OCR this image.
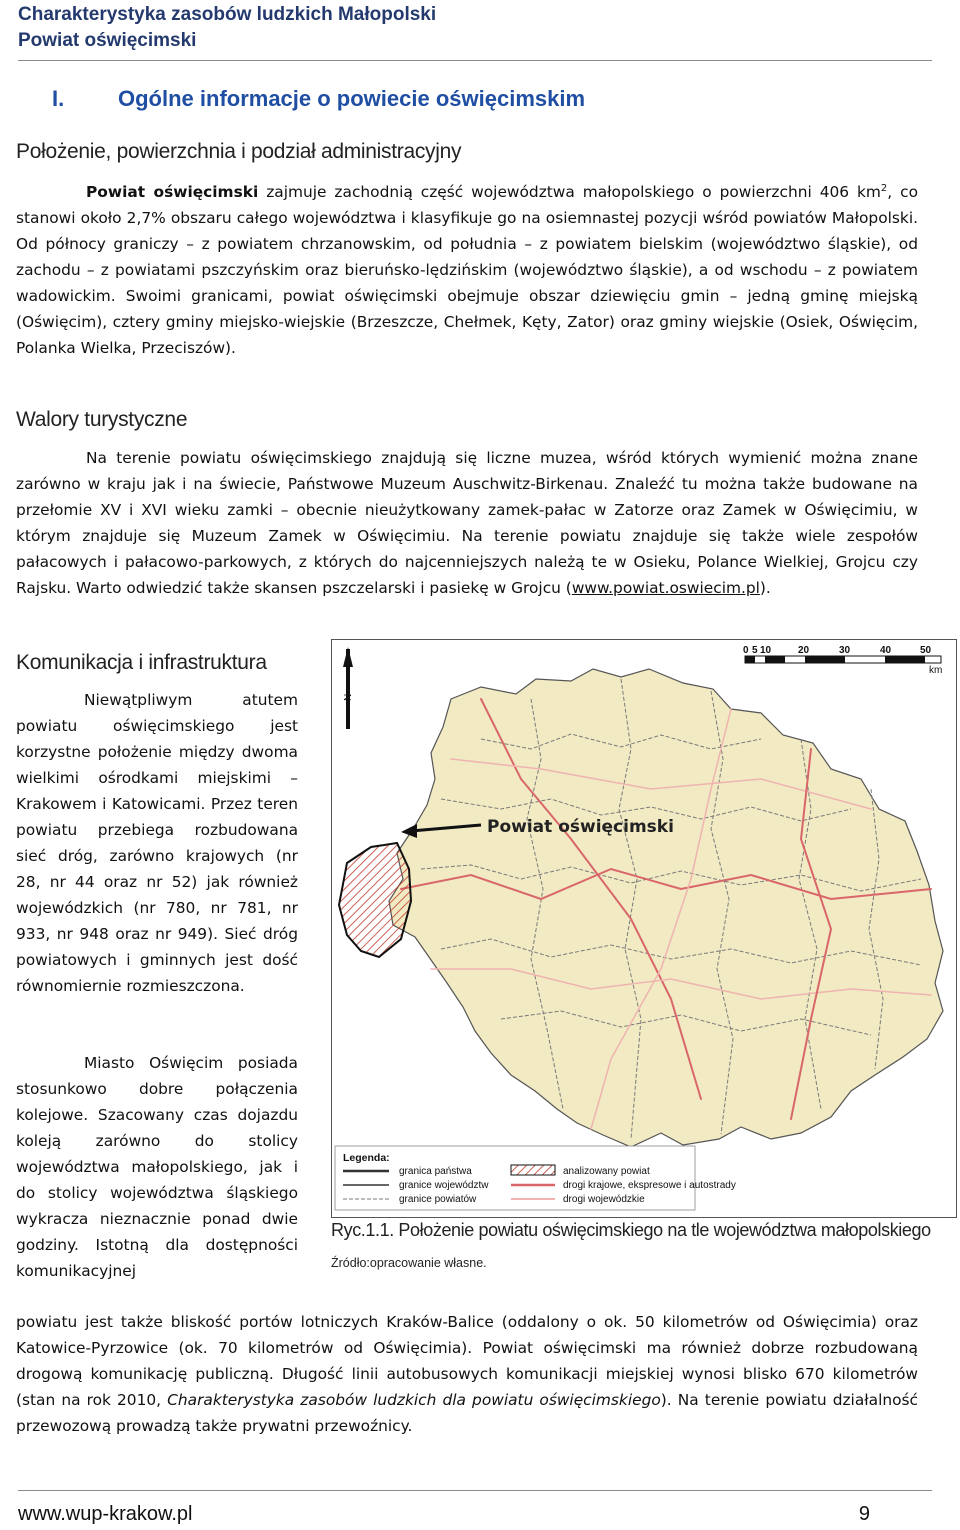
Charakterystyka zasobów ludzkich Małopolski
Powiat oświęcimski
I. Ogólne informacje o powiecie oświęcimskim
Położenie, powierzchnia i podział administracyjny

Powiat oświęcimski zajmuje zachodnią część województwa małopolskiego o powierzchni 406 $km^2$, co stanowi około 2,7% obszaru całego województwa i klasyfikuje go na osiemnastej pozycji wśród powiatów Małopolski. Od północy graniczy – z powiatem chrzanowskim, od południa – z powiatem bielskim (województwo śląskie), od zachodu – z powiatami pszczyńskim oraz bieruńsko-lędzińskim (województwo śląskie), a od wschodu – z powiatem wadowickim. Swoimi granicami, powiat oświęcimski obejmuje obszar dziewięciu gmin – jedną gminę miejską (Oświęcim), cztery gminy miejsko-wiejskie (Brzeszcze, Chełmek, Kęty, Zator) oraz gminy wiejskie (Osiek, Oświęcim, Polanka Wielka, Przeciszów).

Walory turystyczne

Na terenie powiatu oświęcimskiego znajdują się liczne muzea, wśród których wymienić można znane zarówno w kraju jak i na świecie, Państwowe Muzeum Auschwitz-Birkenau. Znaleźć tu można także budowane na przełomie XV i XVI wieku zamki – obecnie nieużytkowany zamek-pałac w Zatorze oraz Zamek w Oświęcimiu, w którym znajduje się Muzeum Zamek w Oświęcimiu. Na terenie powiatu znajduje się także wiele zespołów pałacowych i pałacowo-parkowych, z których do najcenniejszych należą te w Osieku, Polance Wielkiej, Grojcu czy Rajsku. Warto odwiedzić także skansen pszczelarski i pasiekę w Grojcu (www.powiat.oswiecim.pl).

Komunikacja i infrastruktura

Niewątpliwym atutem powiatu oświęcimskiego jest korzystne położenie między dwoma wielkimi ośrodkami miejskimi – Krakowem i Katowicami. Przez teren powiatu przebiega rozbudowana sieć dróg, zarówno krajowych (nr 28, nr 44 oraz nr 52) jak również wojewódzkich (nr 780, nr 781, nr 933, nr 948 oraz nr 949). Sieć dróg powiatowych i gminnych jest dość równomiernie rozmieszczona.

Miasto Oświęcim posiada stosunkowo dobre połączenia kolejowe. Szacowany czas dojazdu koleją zarówno do stolicy województwa małopolskiego, jak i do stolicy województwa śląskiego wykracza nieznacznie ponad dwie godziny. Istotną dla dostępności komunikacyjnej

powiatu jest także bliskość portów lotniczych Kraków-Balice (oddalony o ok. 50 kilometrów od Oświęcimia) oraz Katowice-Pyrzowice (ok. 70 kilometrów od Oświęcimia). Powiat oświęcimski ma również dobrze rozbudowaną drogową komunikację publiczną. Długość linii autobusowych komunikacji miejskiej wynosi blisko 670 kilometrów (stan na rok 2010, Charakterystyka zasobów ludzkich dla powiatu oświęcimskiego). Na terenie powiatu działalność przewozową prowadzą także prywatni przewoźnicy.

N
0 5 10	20	30	40	50
km
Powiat oświęcimski
Legenda:
granica państwa
granice województw
granice powiatów
analizowany powiat
drogi krajowe, ekspresowe i autostrady
drogi wojewódzkie
Ryc.1.1. Położenie powiatu oświęcimskiego na tle województwa małopolskiego
Źródło:opracowanie własne.
www.wup-krakow.pl	9
